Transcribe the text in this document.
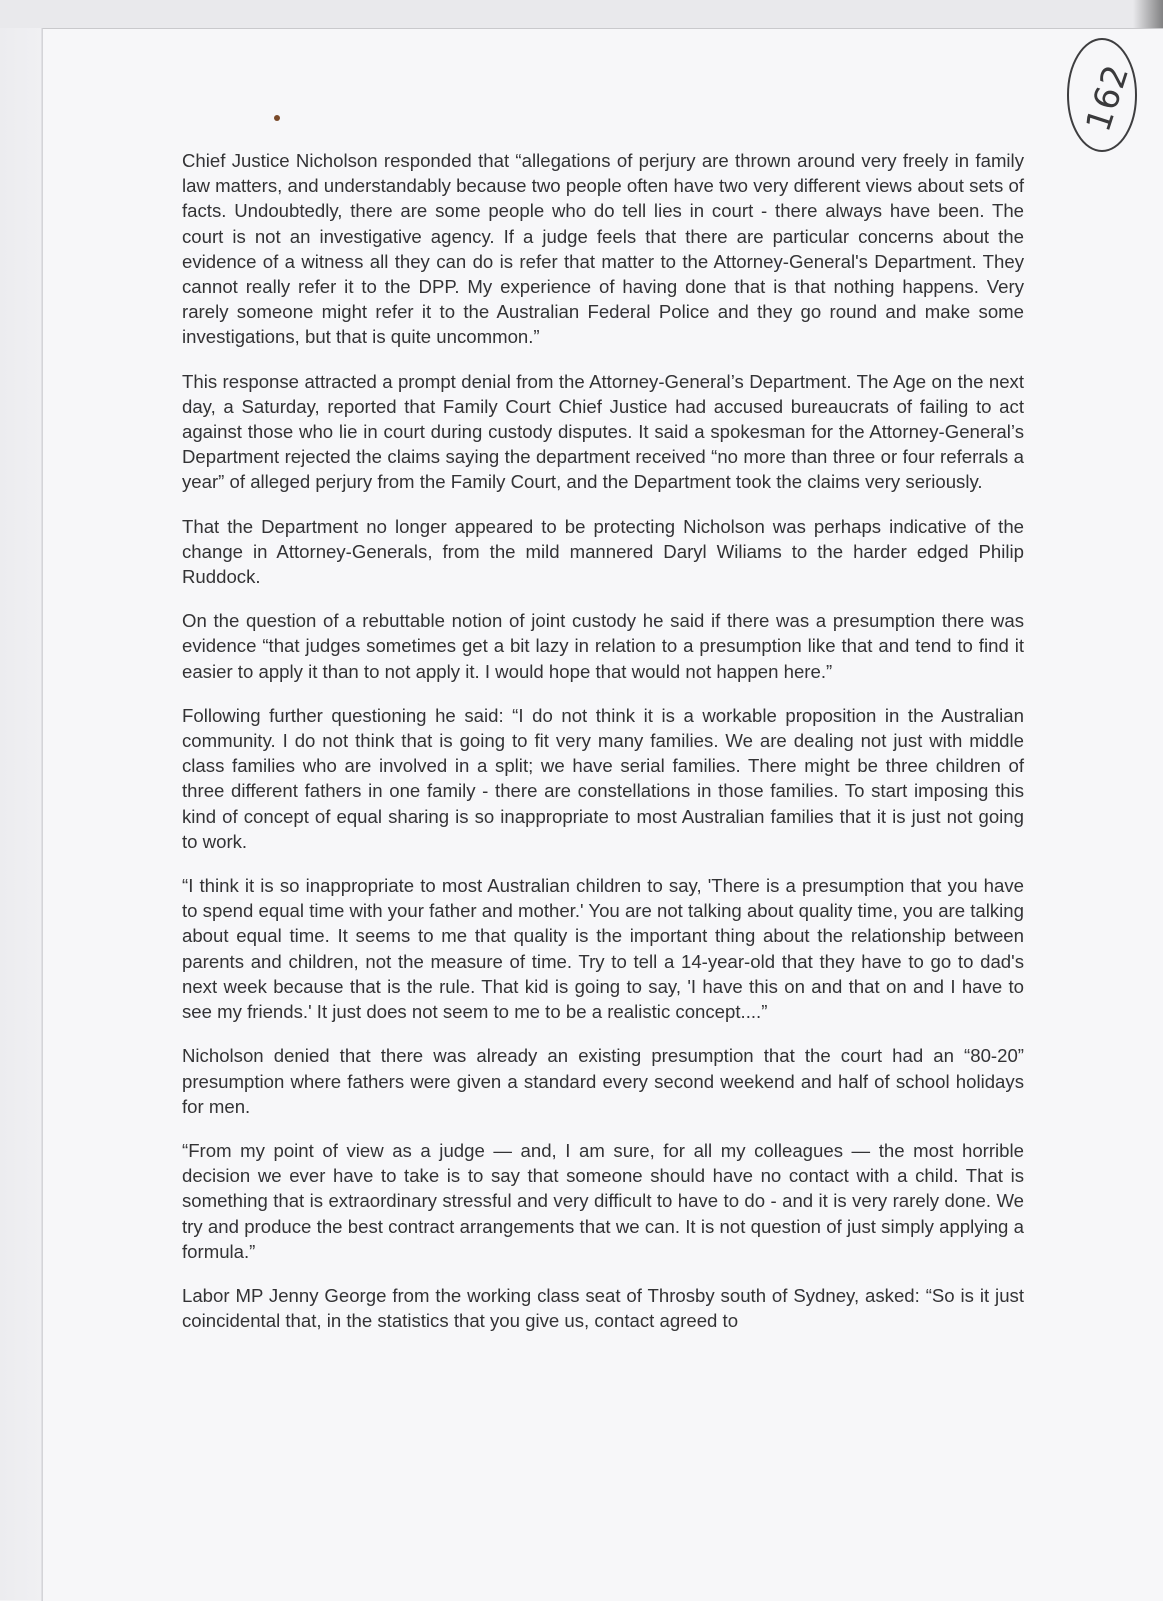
162

Chief Justice Nicholson responded that “allegations of perjury are thrown around very freely in family law matters, and understandably because two people often have two very different views about sets of facts. Undoubtedly, there are some people who do tell lies in court - there always have been. The court is not an investigative agency. If a judge feels that there are particular concerns about the evidence of a witness all they can do is refer that matter to the Attorney-General's Department. They cannot really refer it to the DPP. My experience of having done that is that nothing happens. Very rarely someone might refer it to the Australian Federal Police and they go round and make some investigations, but that is quite uncommon.”

This response attracted a prompt denial from the Attorney-General’s Department. The Age on the next day, a Saturday, reported that Family Court Chief Justice had accused bureaucrats of failing to act against those who lie in court during custody disputes. It said a spokesman for the Attorney-General’s Department rejected the claims saying the department received “no more than three or four referrals a year” of alleged perjury from the Family Court, and the Department took the claims very seriously.

That the Department no longer appeared to be protecting Nicholson was perhaps indicative of the change in Attorney-Generals, from the mild mannered Daryl Wiliams to the harder edged Philip Ruddock.

On the question of a rebuttable notion of joint custody he said if there was a presumption there was evidence “that judges sometimes get a bit lazy in relation to a presumption like that and tend to find it easier to apply it than to not apply it. I would hope that would not happen here.”

Following further questioning he said: “I do not think it is a workable proposition in the Australian community. I do not think that is going to fit very many families. We are dealing not just with middle class families who are involved in a split; we have serial families. There might be three children of three different fathers in one family - there are constellations in those families. To start imposing this kind of concept of equal sharing is so inappropriate to most Australian families that it is just not going to work.

“I think it is so inappropriate to most Australian children to say, 'There is a presumption that you have to spend equal time with your father and mother.' You are not talking about quality time, you are talking about equal time. It seems to me that quality is the important thing about the relationship between parents and children, not the measure of time. Try to tell a 14-year-old that they have to go to dad's next week because that is the rule. That kid is going to say, 'I have this on and that on and I have to see my friends.' It just does not seem to me to be a realistic concept....”

Nicholson denied that there was already an existing presumption that the court had an “80-20” presumption where fathers were given a standard every second weekend and half of school holidays for men.

“From my point of view as a judge — and, I am sure, for all my colleagues — the most horrible decision we ever have to take is to say that someone should have no contact with a child. That is something that is extraordinary stressful and very difficult to have to do - and it is very rarely done. We try and produce the best contract arrangements that we can. It is not question of just simply applying a formula.”

Labor MP Jenny George from the working class seat of Throsby south of Sydney, asked: “So is it just coincidental that, in the statistics that you give us, contact agreed to
